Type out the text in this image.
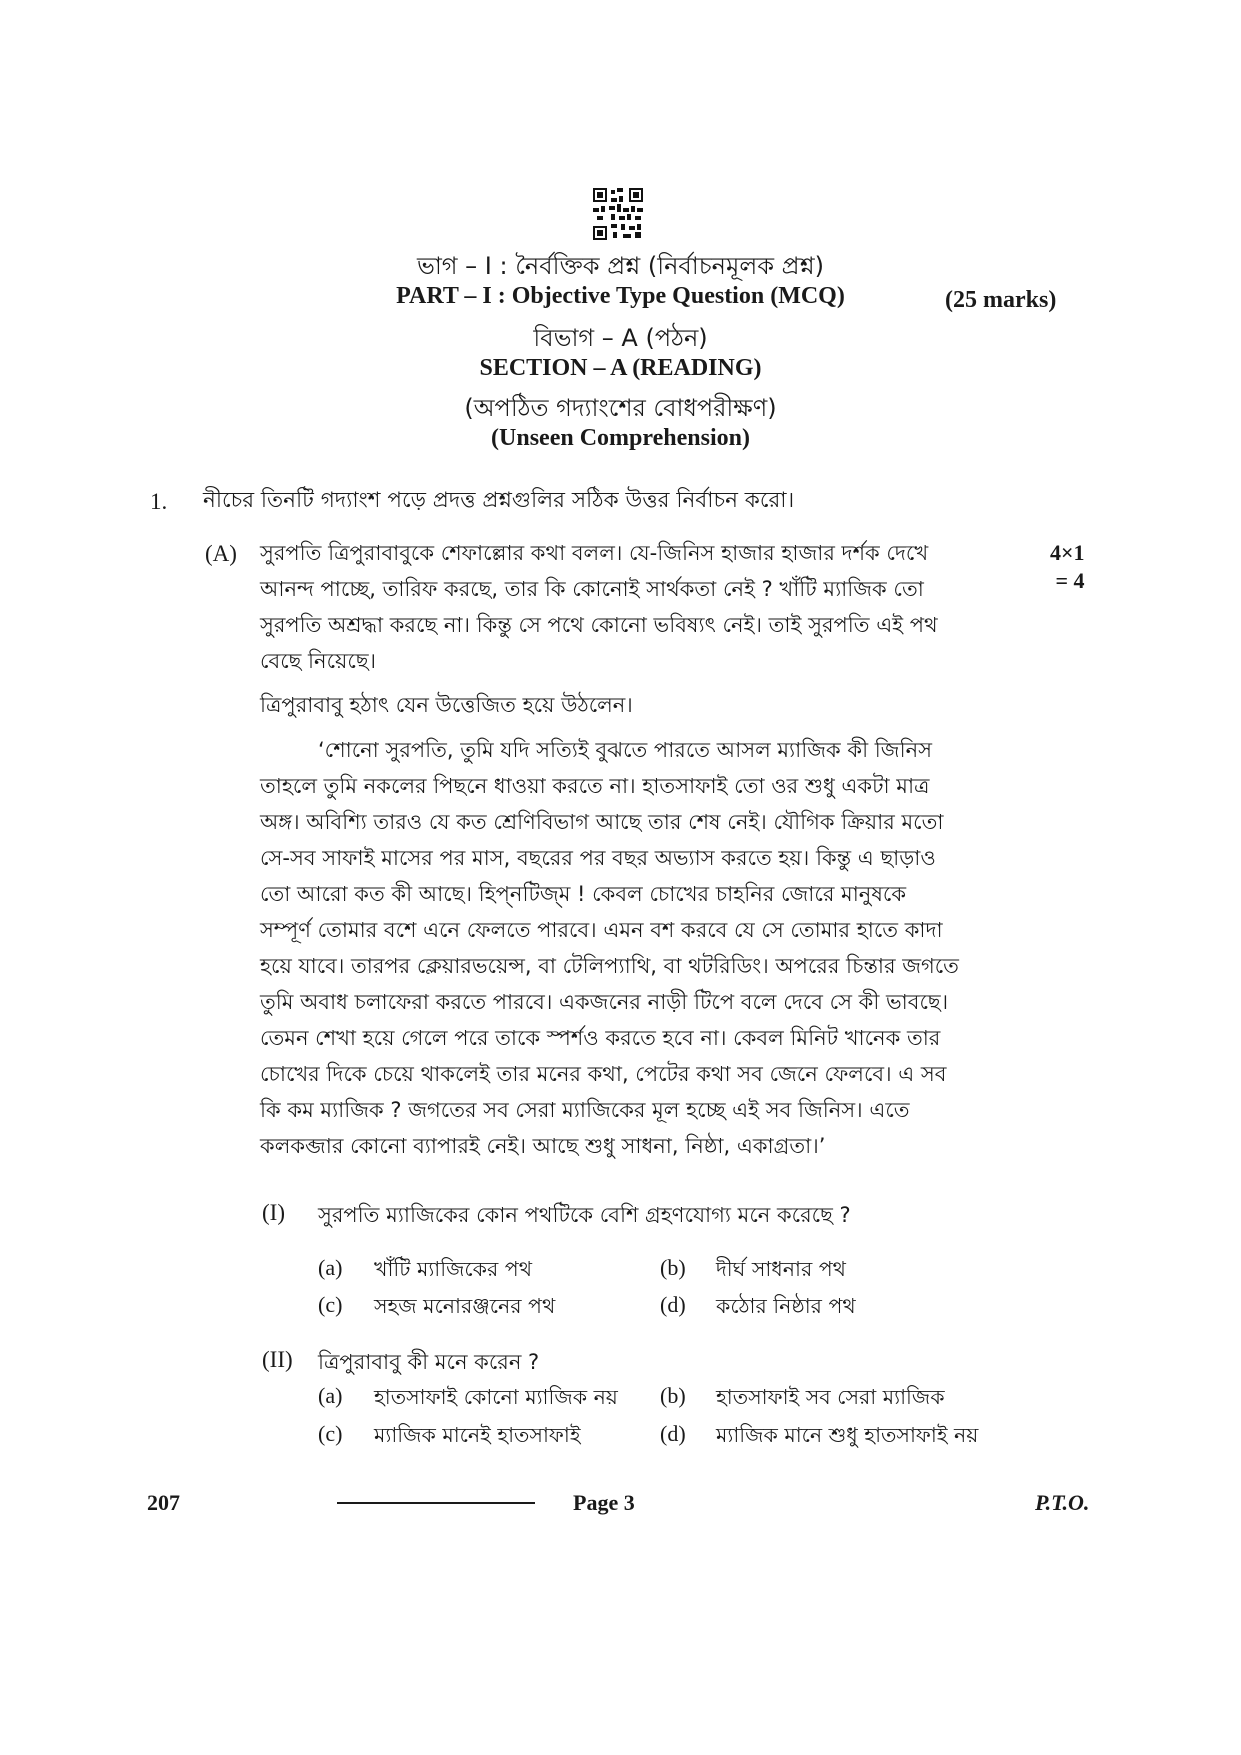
ভাগ – I : নৈর্বক্তিক প্রশ্ন (নির্বাচনমূলক প্রশ্ন)
PART – I : Objective Type Question (MCQ)	(25 marks)
বিভাগ – A (পঠন)
SECTION – A (READING)
(অপঠিত গদ্যাংশের বোধপরীক্ষণ)
(Unseen Comprehension)
1. নীচের তিনটি গদ্যাংশ পড়ে প্রদত্ত প্রশ্নগুলির সঠিক উত্তর নির্বাচন করো।
(A)	4×1
= 4
সুরপতি ত্রিপুরাবাবুকে শেফাল্লোর কথা বলল। যে-জিনিস হাজার হাজার দর্শক দেখে
আনন্দ পাচ্ছে, তারিফ করছে, তার কি কোনোই সার্থকতা নেই ? খাঁটি ম্যাজিক তো
সুরপতি অশ্রদ্ধা করছে না। কিন্তু সে পথে কোনো ভবিষ্যৎ নেই। তাই সুরপতি এই পথ
বেছে নিয়েছে।
ত্রিপুরাবাবু হঠাৎ যেন উত্তেজিত হয়ে উঠলেন।
‘শোনো সুরপতি, তুমি যদি সত্যিই বুঝতে পারতে আসল ম্যাজিক কী জিনিস
তাহলে তুমি নকলের পিছনে ধাওয়া করতে না। হাতসাফাই তো ওর শুধু একটা মাত্র
অঙ্গ। অবিশ্যি তারও যে কত শ্রেণিবিভাগ আছে তার শেষ নেই। যৌগিক ক্রিয়ার মতো
সে-সব সাফাই মাসের পর মাস, বছরের পর বছর অভ্যাস করতে হয়। কিন্তু এ ছাড়াও
তো আরো কত কী আছে। হিপ্‌নটিজ্‌ম ! কেবল চোখের চাহনির জোরে মানুষকে
সম্পূর্ণ তোমার বশে এনে ফেলতে পারবে। এমন বশ করবে যে সে তোমার হাতে কাদা
হয়ে যাবে। তারপর ক্লেয়ারভয়েন্স, বা টেলিপ্যাথি, বা থটরিডিং। অপরের চিন্তার জগতে
তুমি অবাধ চলাফেরা করতে পারবে। একজনের নাড়ী টিপে বলে দেবে সে কী ভাবছে।
তেমন শেখা হয়ে গেলে পরে তাকে স্পর্শও করতে হবে না। কেবল মিনিট খানেক তার
চোখের দিকে চেয়ে থাকলেই তার মনের কথা, পেটের কথা সব জেনে ফেলবে। এ সব
কি কম ম্যাজিক ? জগতের সব সেরা ম্যাজিকের মূল হচ্ছে এই সব জিনিস। এতে
কলকব্জার কোনো ব্যাপারই নেই। আছে শুধু সাধনা, নিষ্ঠা, একাগ্রতা।’
(I) সুরপতি ম্যাজিকের কোন পথটিকে বেশি গ্রহণযোগ্য মনে করেছে ?
(a) খাঁটি ম্যাজিকের পথ	(b) দীর্ঘ সাধনার পথ
(c) সহজ মনোরঞ্জনের পথ	(d) কঠোর নিষ্ঠার পথ
(II) ত্রিপুরাবাবু কী মনে করেন ?
(a) হাতসাফাই কোনো ম্যাজিক নয় (b) হাতসাফাই সব সেরা ম্যাজিক
(c) ম্যাজিক মানেই হাতসাফাই	(d) ম্যাজিক মানে শুধু হাতসাফাই নয়
207	Page 3	P.T.O.
